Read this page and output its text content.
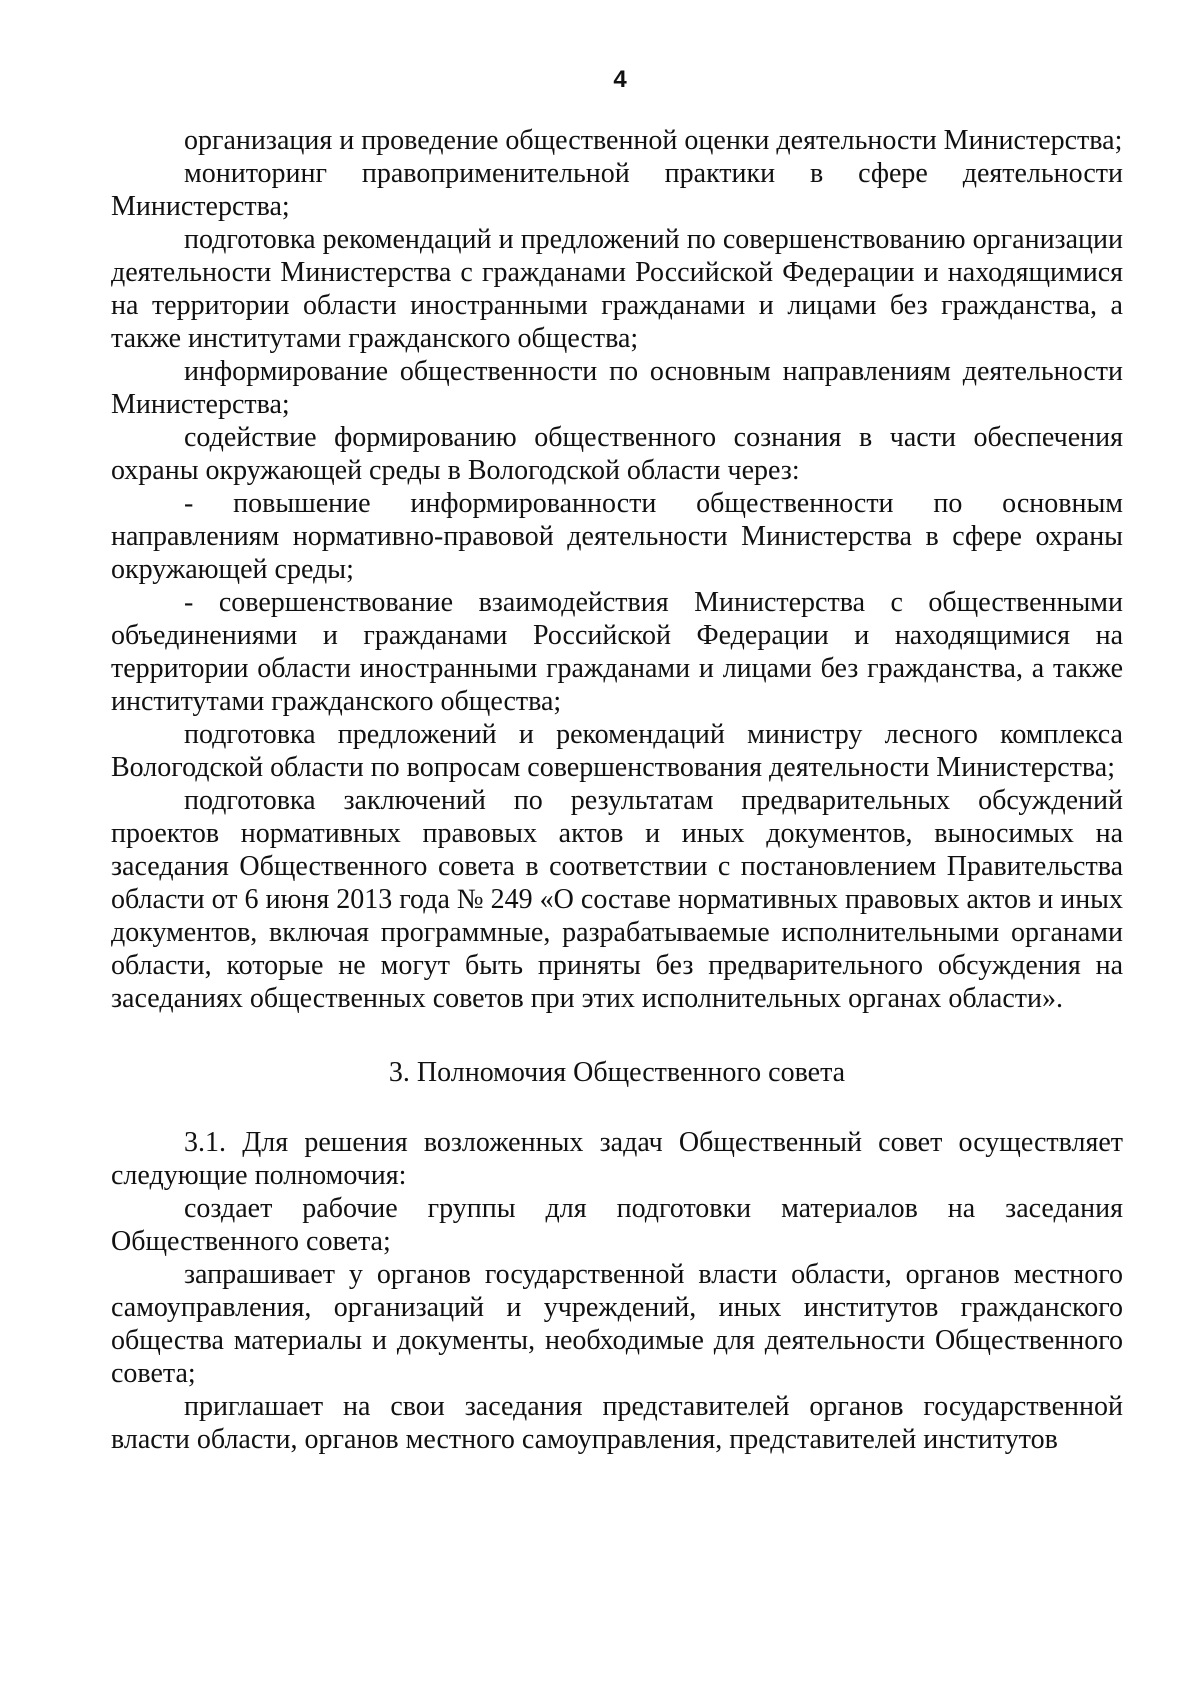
4

организация и проведение общественной оценки деятельности Министерства;

мониторинг правоприменительной практики в сфере деятельности Министерства;

подготовка рекомендаций и предложений по совершенствованию организации деятельности Министерства с гражданами Российской Федерации и находящимися на территории области иностранными гражданами и лицами без гражданства, а также институтами гражданского общества;

информирование общественности по основным направлениям деятельности Министерства;

содействие формированию общественного сознания в части обеспечения охраны окружающей среды в Вологодской области через:

- повышение информированности общественности по основным направлениям нормативно-правовой деятельности Министерства в сфере охраны окружающей среды;

- совершенствование взаимодействия Министерства с общественными объединениями и гражданами Российской Федерации и находящимися на территории области иностранными гражданами и лицами без гражданства, а также институтами гражданского общества;

подготовка предложений и рекомендаций министру лесного комплекса Вологодской области по вопросам совершенствования деятельности Министерства;

подготовка заключений по результатам предварительных обсуждений проектов нормативных правовых актов и иных документов, выносимых на заседания Общественного совета в соответствии с постановлением Правительства области от 6 июня 2013 года № 249 «О составе нормативных правовых актов и иных документов, включая программные, разрабатываемые исполнительными органами области, которые не могут быть приняты без предварительного обсуждения на заседаниях общественных советов при этих исполнительных органах области».

3. Полномочия Общественного совета

3.1. Для решения возложенных задач Общественный совет осуществляет следующие полномочия:

создает рабочие группы для подготовки материалов на заседания Общественного совета;

запрашивает у органов государственной власти области, органов местного самоуправления, организаций и учреждений, иных институтов гражданского общества материалы и документы, необходимые для деятельности Общественного совета;

приглашает на свои заседания представителей органов государственной власти области, органов местного самоуправления, представителей институтов
